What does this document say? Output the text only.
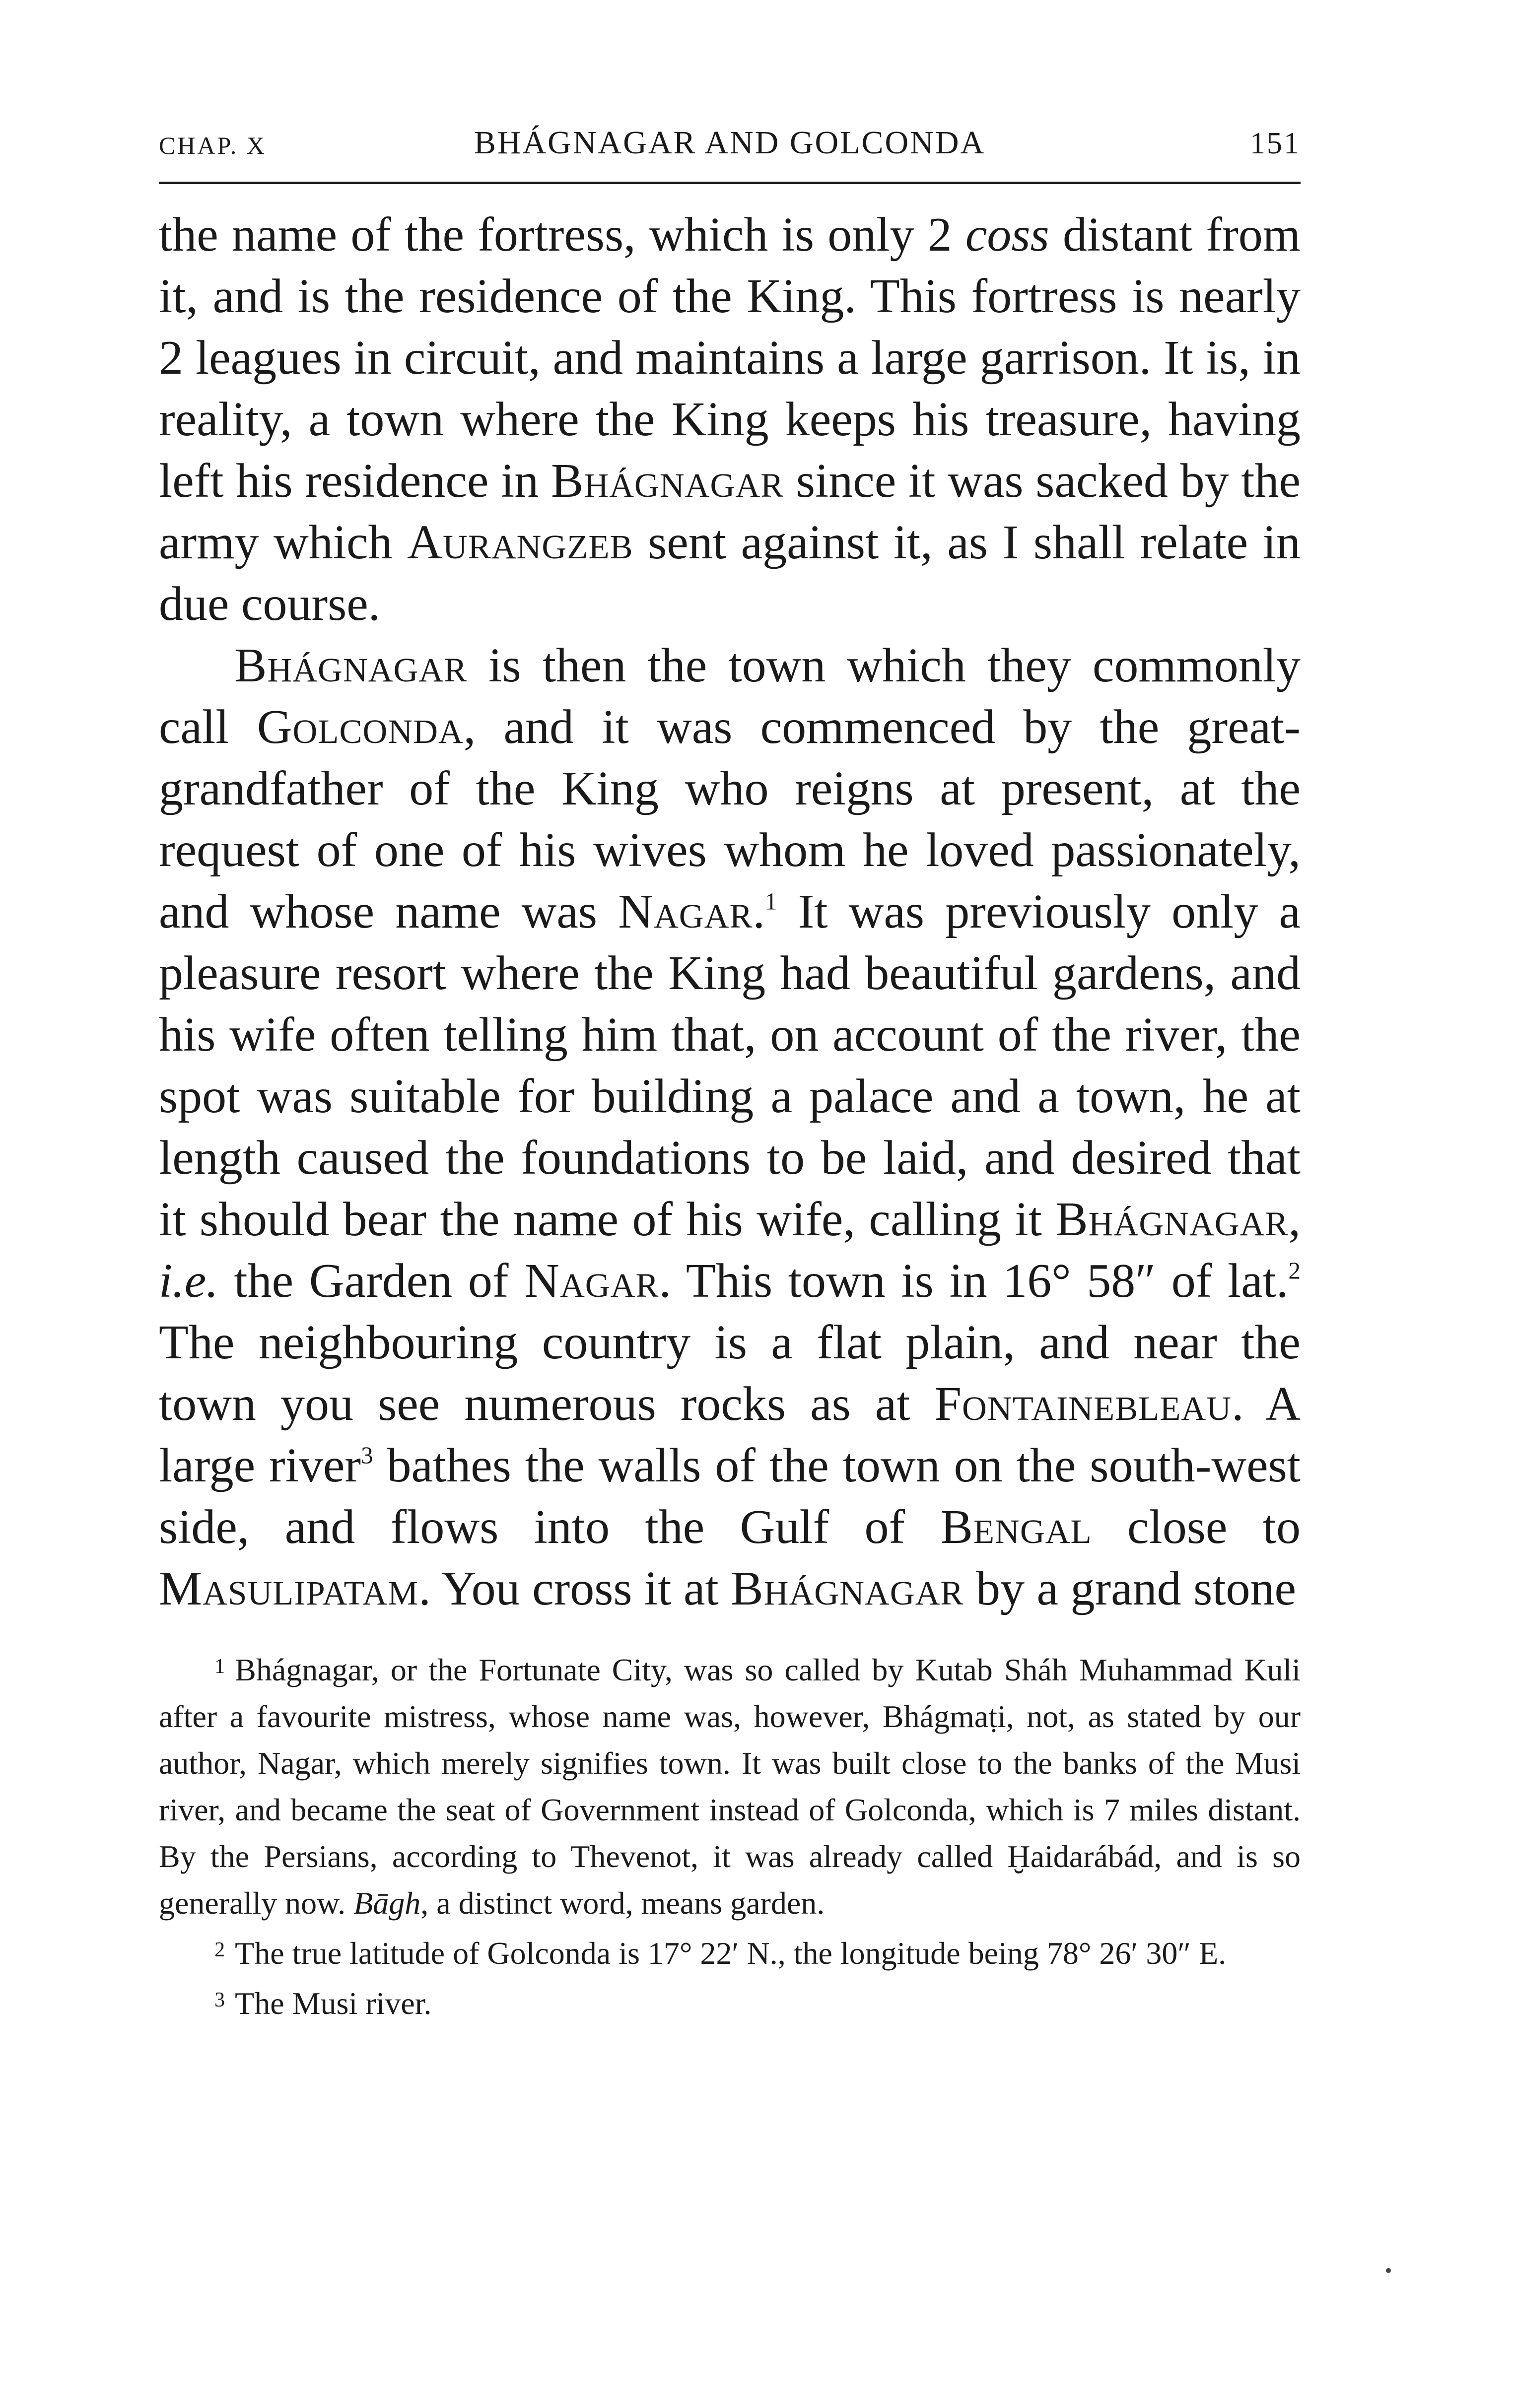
CHAP. X	BHÁGNAGAR AND GOLCONDA	151

the name of the fortress, which is only 2 coss distant from it, and is the residence of the King. This fortress is nearly 2 leagues in circuit, and maintains a large garrison. It is, in reality, a town where the King keeps his treasure, having left his residence in Bhágnagar since it was sacked by the army which Aurangzeb sent against it, as I shall relate in due course.

Bhágnagar is then the town which they commonly call Golconda, and it was commenced by the great-grandfather of the King who reigns at present, at the request of one of his wives whom he loved passionately, and whose name was Nagar.$^1$ It was previously only a pleasure resort where the King had beautiful gardens, and his wife often telling him that, on account of the river, the spot was suitable for building a palace and a town, he at length caused the foundations to be laid, and desired that it should bear the name of his wife, calling it Bhágnagar, i.e. the Garden of Nagar. This town is in 16° 58″ of lat.$^2$ The neighbouring country is a flat plain, and near the town you see numerous rocks as at Fontainebleau. A large river$^3$ bathes the walls of the town on the south-west side, and flows into the Gulf of Bengal close to Masulipatam. You cross it at Bhágnagar by a grand stone

$^1$ Bhágnagar, or the Fortunate City, was so called by Kutab Sháh Muhammad Kuli after a favourite mistress, whose name was, however, Bhágmaṭi, not, as stated by our author, Nagar, which merely signifies town. It was built close to the banks of the Musi river, and became the seat of Government instead of Golconda, which is 7 miles distant. By the Persians, according to Thevenot, it was already called Ḫaidarábád, and is so generally now. Bāgh, a distinct word, means garden.

$^2$ The true latitude of Golconda is 17° 22′ N., the longitude being 78° 26′ 30″ E.

$^3$ The Musi river.
